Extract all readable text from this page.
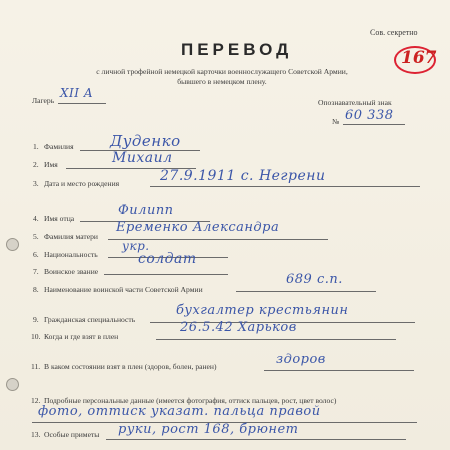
Сов. секретно
167
ПЕРЕВОД
с личной трофейной немецкой карточки военнослужащего Советской Армии,
бывшего в немецком плену.
Лагерь
XII A
Опознавательный знак
№ 60 338
1. Фамилия Дуденко
2. Имя	Михаил
3. Дата и место рождения	27.9.1911 с. Негрени
4. Имя отца
Филипп
5. Фамилия матери
Еременко Александра
6. Национальность
укр.
7. Воинское звание
солдат
8. Наименование воинской части Советской Армии
689 с.п.
9. Гражданская специальность
бухгалтер крестьянин
10. Когда и где взят в плен
26.5.42 Харьков
11. В каком состоянии взят в плен (здоров, болен, ранен)	здоров
12. Подробные персональные данные (имеется фотография, оттиск пальцев, рост, цвет волос)
фото, оттиск указат. пальца правой
13. Особые приметы руки, рост 168, брюнет
